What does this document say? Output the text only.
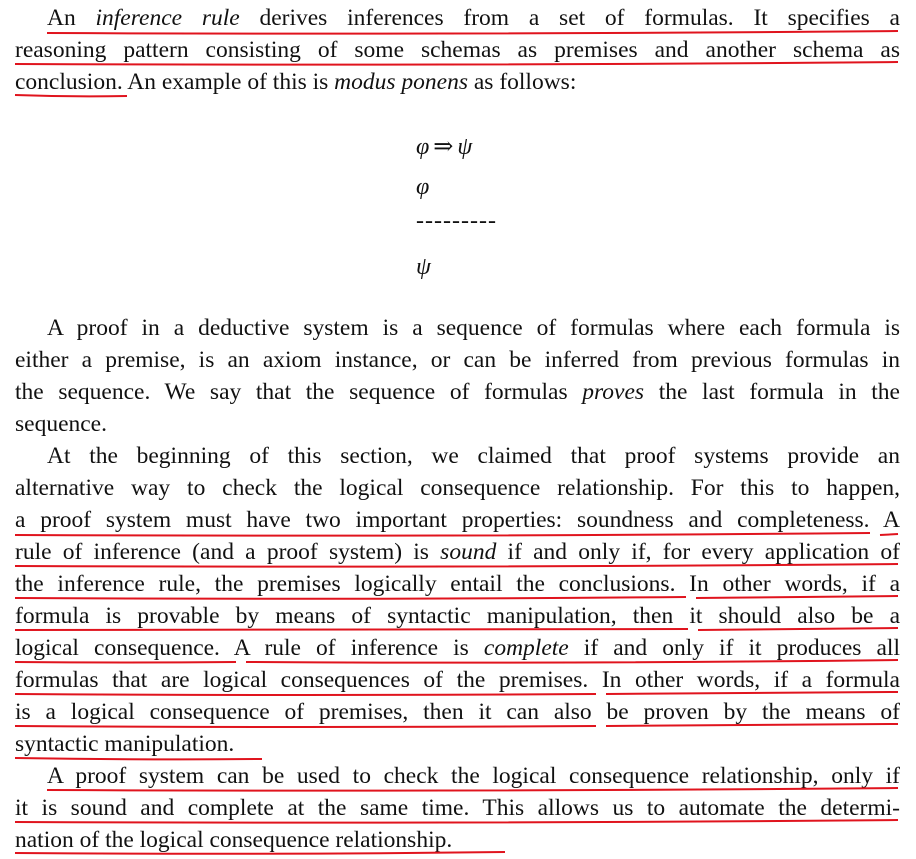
An inference rule derives inferences from a set of formulas. It specifies a
reasoning pattern consisting of some schemas as premises and another schema as
conclusion. An example of this is modus ponens as follows:
φ ⇒ ψ
φ
---------
ψ
A proof in a deductive system is a sequence of formulas where each formula is
either a premise, is an axiom instance, or can be inferred from previous formulas in
the sequence. We say that the sequence of formulas proves the last formula in the
sequence.
At the beginning of this section, we claimed that proof systems provide an
alternative way to check the logical consequence relationship. For this to happen,
a proof system must have two important properties: soundness and completeness. A
rule of inference (and a proof system) is sound if and only if, for every application of
the inference rule, the premises logically entail the conclusions. In other words, if a
formula is provable by means of syntactic manipulation, then it should also be a
logical consequence. A rule of inference is complete if and only if it produces all
formulas that are logical consequences of the premises. In other words, if a formula
is a logical consequence of premises, then it can also be proven by the means of
syntactic manipulation.
A proof system can be used to check the logical consequence relationship, only if
it is sound and complete at the same time. This allows us to automate the determi-
nation of the logical consequence relationship.
